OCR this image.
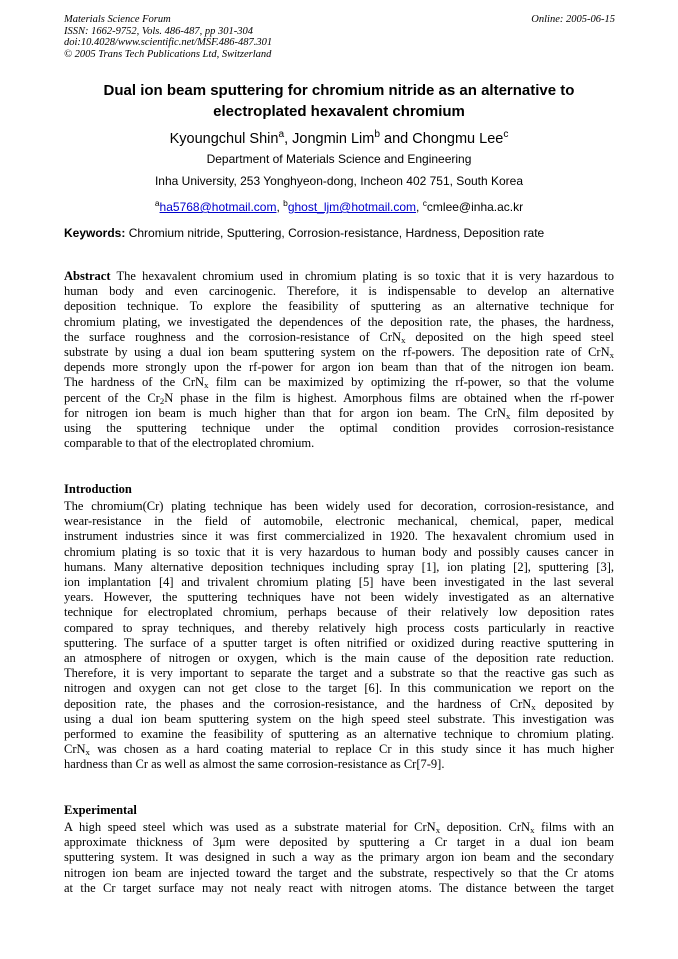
Materials Science Forum
ISSN: 1662-9752, Vols. 486-487, pp 301-304
doi:10.4028/www.scientific.net/MSF.486-487.301
© 2005 Trans Tech Publications Ltd, Switzerland
Online: 2005-06-15
Dual ion beam sputtering for chromium nitride as an alternative to
electroplated hexavalent chromium
Kyoungchul Shin$^a$, Jongmin Lim$^b$ and Chongmu Lee$^c$
Department of Materials Science and Engineering
Inha University, 253 Yonghyeon-dong, Incheon 402 751, South Korea
$^a$ha5768@hotmail.com, $^b$ghost_ljm@hotmail.com, $^c$cmlee@inha.ac.kr
Keywords: Chromium nitride, Sputtering, Corrosion-resistance, Hardness, Deposition rate
Abstract The hexavalent chromium used in chromium plating is so toxic that it is very hazardous to
human body and even carcinogenic. Therefore, it is indispensable to develop an alternative
deposition technique. To explore the feasibility of sputtering as an alternative technique for
chromium plating, we investigated the dependences of the deposition rate, the phases, the hardness,
the surface roughness and the corrosion-resistance of CrN$_x$ deposited on the high speed steel
substrate by using a dual ion beam sputtering system on the rf-powers. The deposition rate of CrN$_x$
depends more strongly upon the rf-power for argon ion beam than that of the nitrogen ion beam.
The hardness of the CrN$_x$ film can be maximized by optimizing the rf-power, so that the volume
percent of the $Cr_2N$ phase in the film is highest. Amorphous films are obtained when the rf-power
for nitrogen ion beam is much higher than that for argon ion beam. The CrN$_x$ film deposited by
using the sputtering technique under the optimal condition provides corrosion-resistance
comparable to that of the electroplated chromium.
Introduction
The chromium(Cr) plating technique has been widely used for decoration, corrosion-resistance, and
wear-resistance in the field of automobile, electronic mechanical, chemical, paper, medical
instrument industries since it was first commercialized in 1920. The hexavalent chromium used in
chromium plating is so toxic that it is very hazardous to human body and possibly causes cancer in
humans. Many alternative deposition techniques including spray [1], ion plating [2], sputtering [3],
ion implantation [4] and trivalent chromium plating [5] have been investigated in the last several
years. However, the sputtering techniques have not been widely investigated as an alternative
technique for electroplated chromium, perhaps because of their relatively low deposition rates
compared to spray techniques, and thereby relatively high process costs particularly in reactive
sputtering. The surface of a sputter target is often nitrified or oxidized during reactive sputtering in
an atmosphere of nitrogen or oxygen, which is the main cause of the deposition rate reduction.
Therefore, it is very important to separate the target and a substrate so that the reactive gas such as
nitrogen and oxygen can not get close to the target [6]. In this communication we report on the
deposition rate, the phases and the corrosion-resistance, and the hardness of CrN$_x$ deposited by
using a dual ion beam sputtering system on the high speed steel substrate. This investigation was
performed to examine the feasibility of sputtering as an alternative technique to chromium plating.
CrN$_x$ was chosen as a hard coating material to replace Cr in this study since it has much higher
hardness than Cr as well as almost the same corrosion-resistance as Cr[7-9].
Experimental
A high speed steel which was used as a substrate material for CrN$_x$ deposition. CrN$_x$ films with an
approximate thickness of 3μm were deposited by sputtering a Cr target in a dual ion beam
sputtering system. It was designed in such a way as the primary argon ion beam and the secondary
nitrogen ion beam are injected toward the target and the substrate, respectively so that the Cr atoms
at the Cr target surface may not nealy react with nitrogen atoms. The distance between the target
